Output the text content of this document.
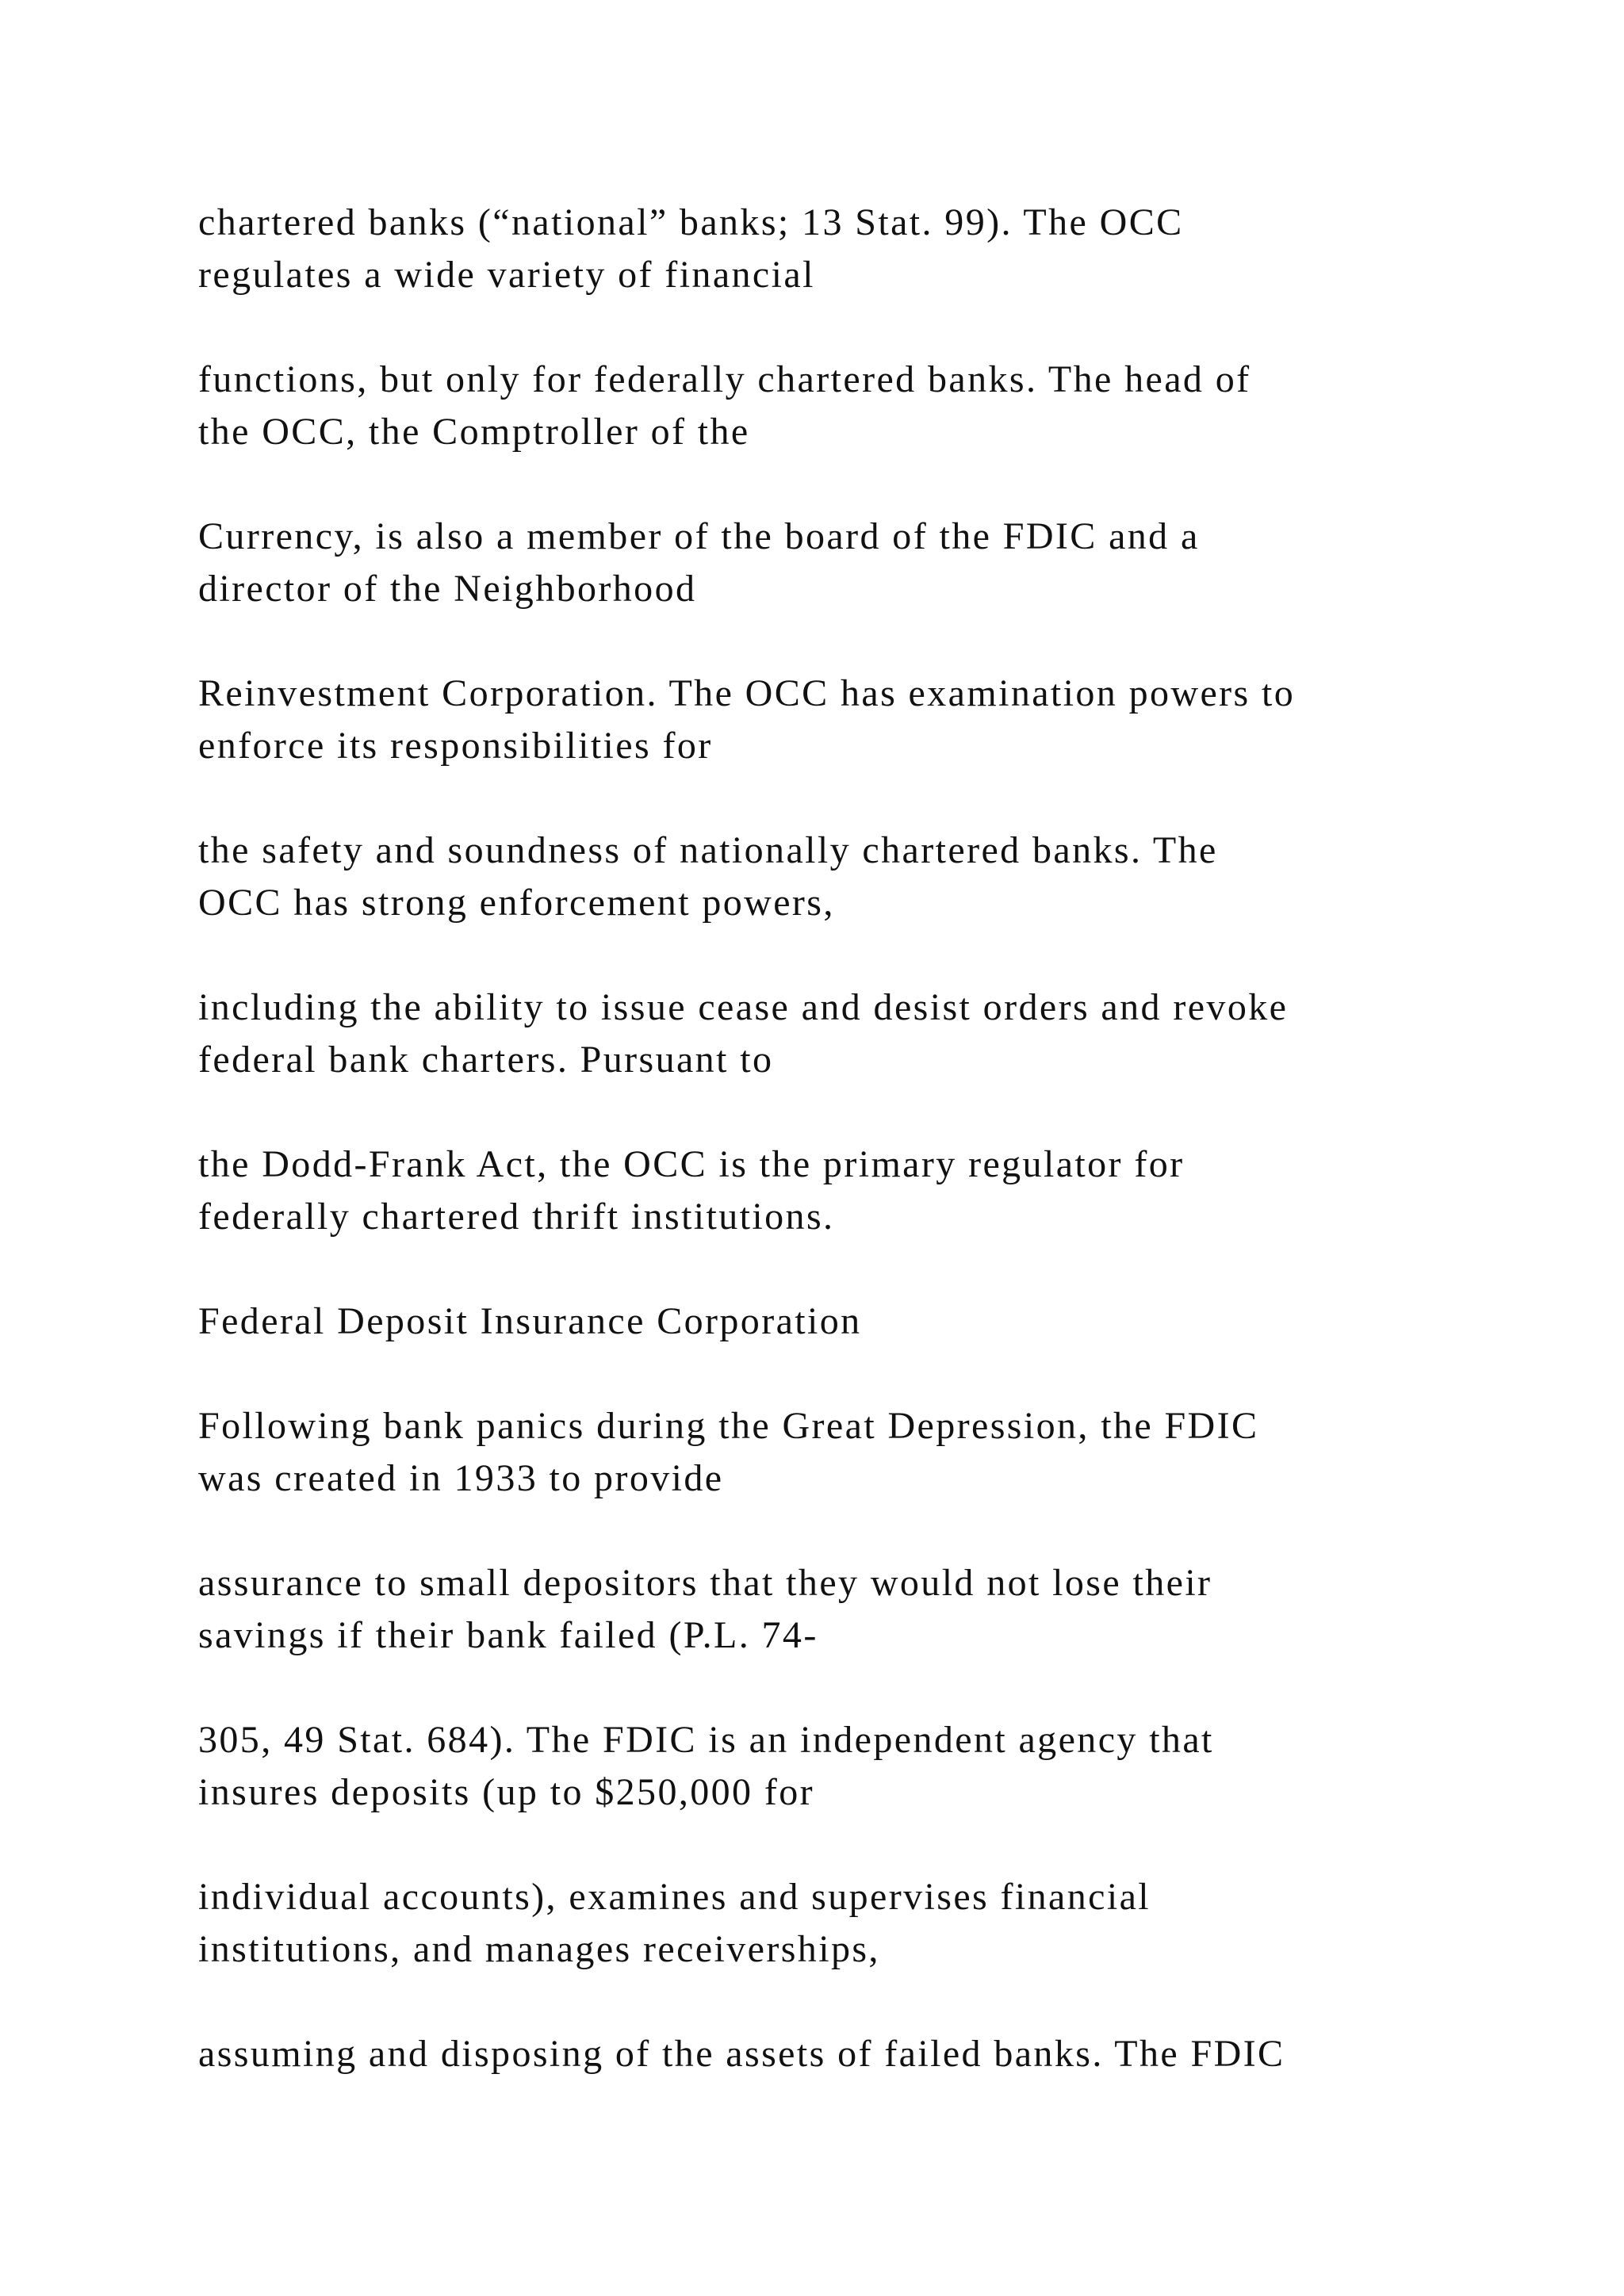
chartered banks (“national” banks; 13 Stat. 99). The OCC
regulates a wide variety of financial

functions, but only for federally chartered banks. The head of
the OCC, the Comptroller of the

Currency, is also a member of the board of the FDIC and a
director of the Neighborhood

Reinvestment Corporation. The OCC has examination powers to
enforce its responsibilities for

the safety and soundness of nationally chartered banks. The
OCC has strong enforcement powers,

including the ability to issue cease and desist orders and revoke
federal bank charters. Pursuant to

the Dodd-Frank Act, the OCC is the primary regulator for
federally chartered thrift institutions.

Federal Deposit Insurance Corporation

Following bank panics during the Great Depression, the FDIC
was created in 1933 to provide

assurance to small depositors that they would not lose their
savings if their bank failed (P.L. 74-

305, 49 Stat. 684). The FDIC is an independent agency that
insures deposits (up to $250,000 for

individual accounts), examines and supervises financial
institutions, and manages receiverships,

assuming and disposing of the assets of failed banks. The FDIC
